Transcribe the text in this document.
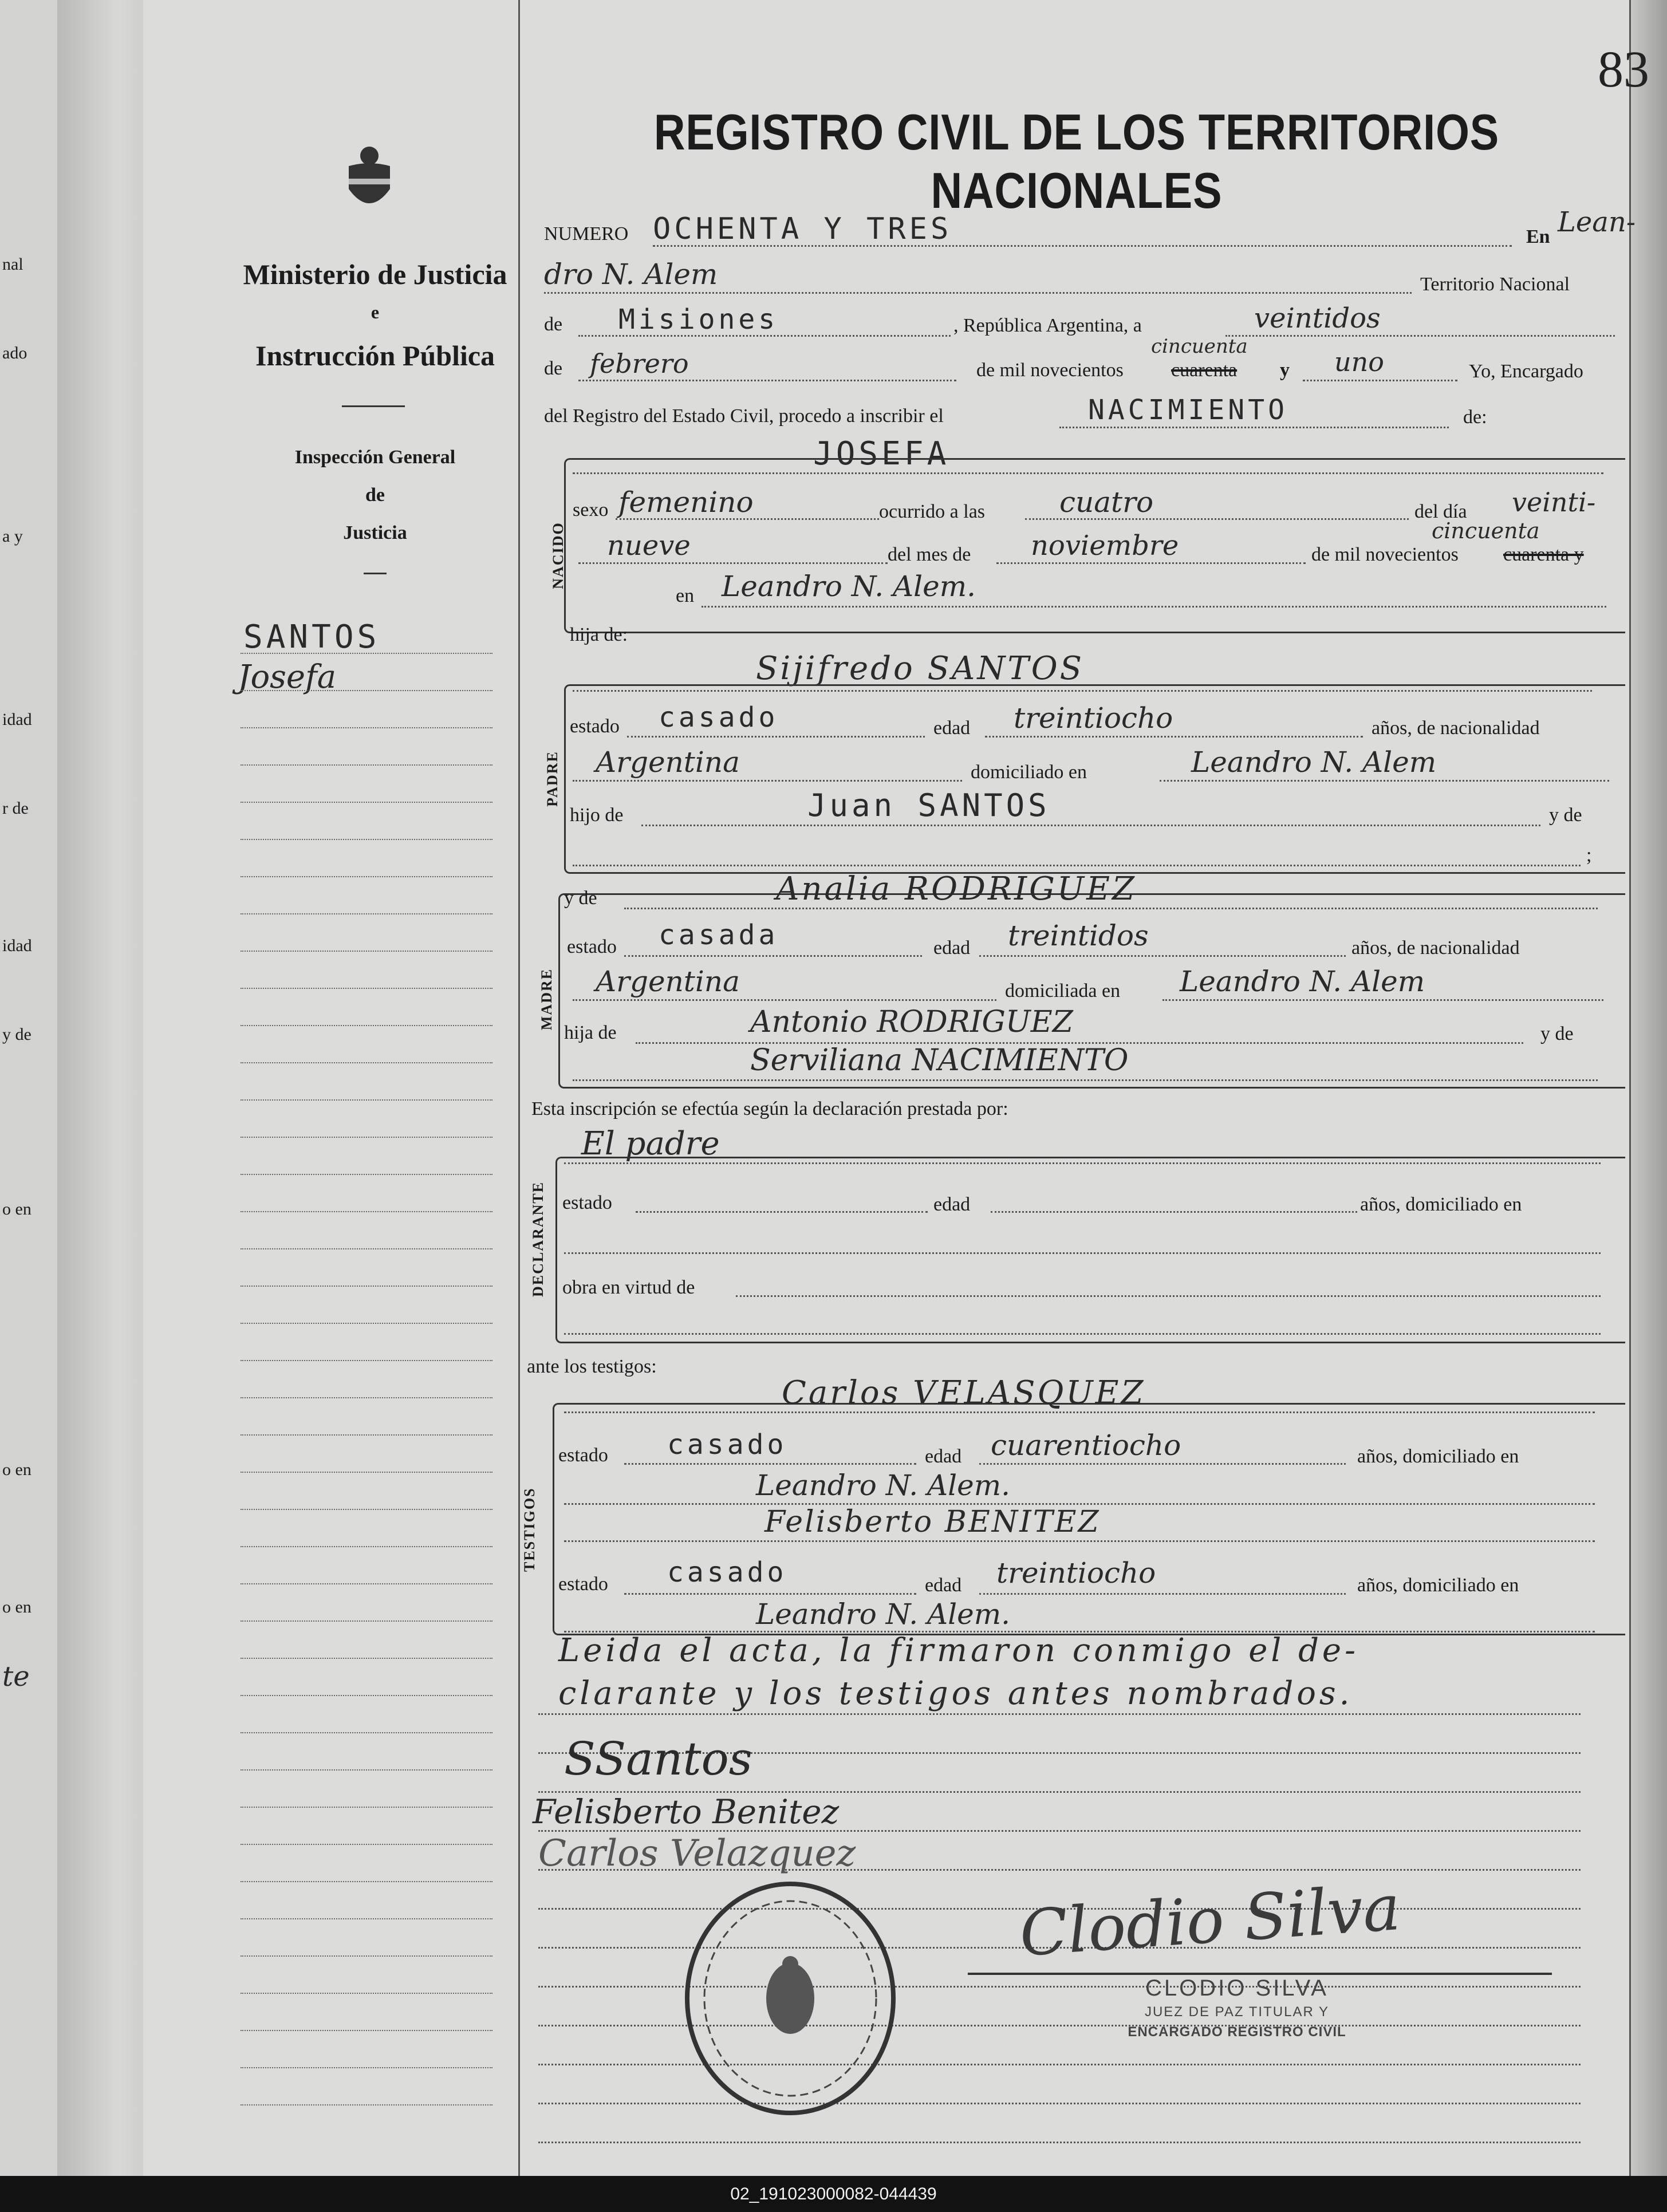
nal
ado
a y
idad
r de
idad
y de
o en
o en
o en
te
83
Ministerio de Justicia
e
Instrucción Pública
Inspección General
de
Justicia
SANTOS
Josefa
REGISTRO CIVIL DE LOS TERRITORIOS NACIONALES
NUMERO OCHENTA Y TRES	En Lean-
dro N. Alem	Territorio Nacional
de Misiones	, República Argentina, a	veintidos
de febrero	de mil novecientos cuarenta
cincuenta
y uno	Yo, Encargado
del Registro del Estado Civil, procedo a inscribir el	NACIMIENTO	de:
JOSEFA
NACIDO
sexo femenino	ocurrido a las	cuatro	del día veinti-
nueve	del mes de noviembre	de mil novecientos cuarenta y
cincuenta
en Leandro N. Alem.
hija de:
Sijifredo SANTOS
PADRE
estado casado	edad treintiocho	años, de nacionalidad
Argentina	domiciliado en	Leandro N. Alem
hijo de	Juan SANTOS	y de
;
MADRE
y de	Analia RODRIGUEZ
estado casada	edad treintidos	años, de nacionalidad
Argentina	domiciliada en Leandro N. Alem
hija de	Antonio RODRIGUEZ	y de
Serviliana NACIMIENTO
Esta inscripción se efectúa según la declaración prestada por:
El padre
DECLARANTE estado	edad	años, domiciliado en
obra en virtud de
ante los testigos:
TESTIGOS
Carlos VELASQUEZ
estado casado	edad cuarentiocho	años, domiciliado en
Leandro N. Alem.
Felisberto BENITEZ
estado casado	edad treintiocho	años, domiciliado en
Leandro N. Alem.
Leida el acta, la firmaron conmigo el de-
clarante y los testigos antes nombrados.
SSantos
Felisberto Benitez
Carlos Velazquez
Clodio Silva
CLODIO SILVA
JUEZ DE PAZ TITULAR Y
ENCARGADO REGISTRO CIVIL
02_191023000082-044439
